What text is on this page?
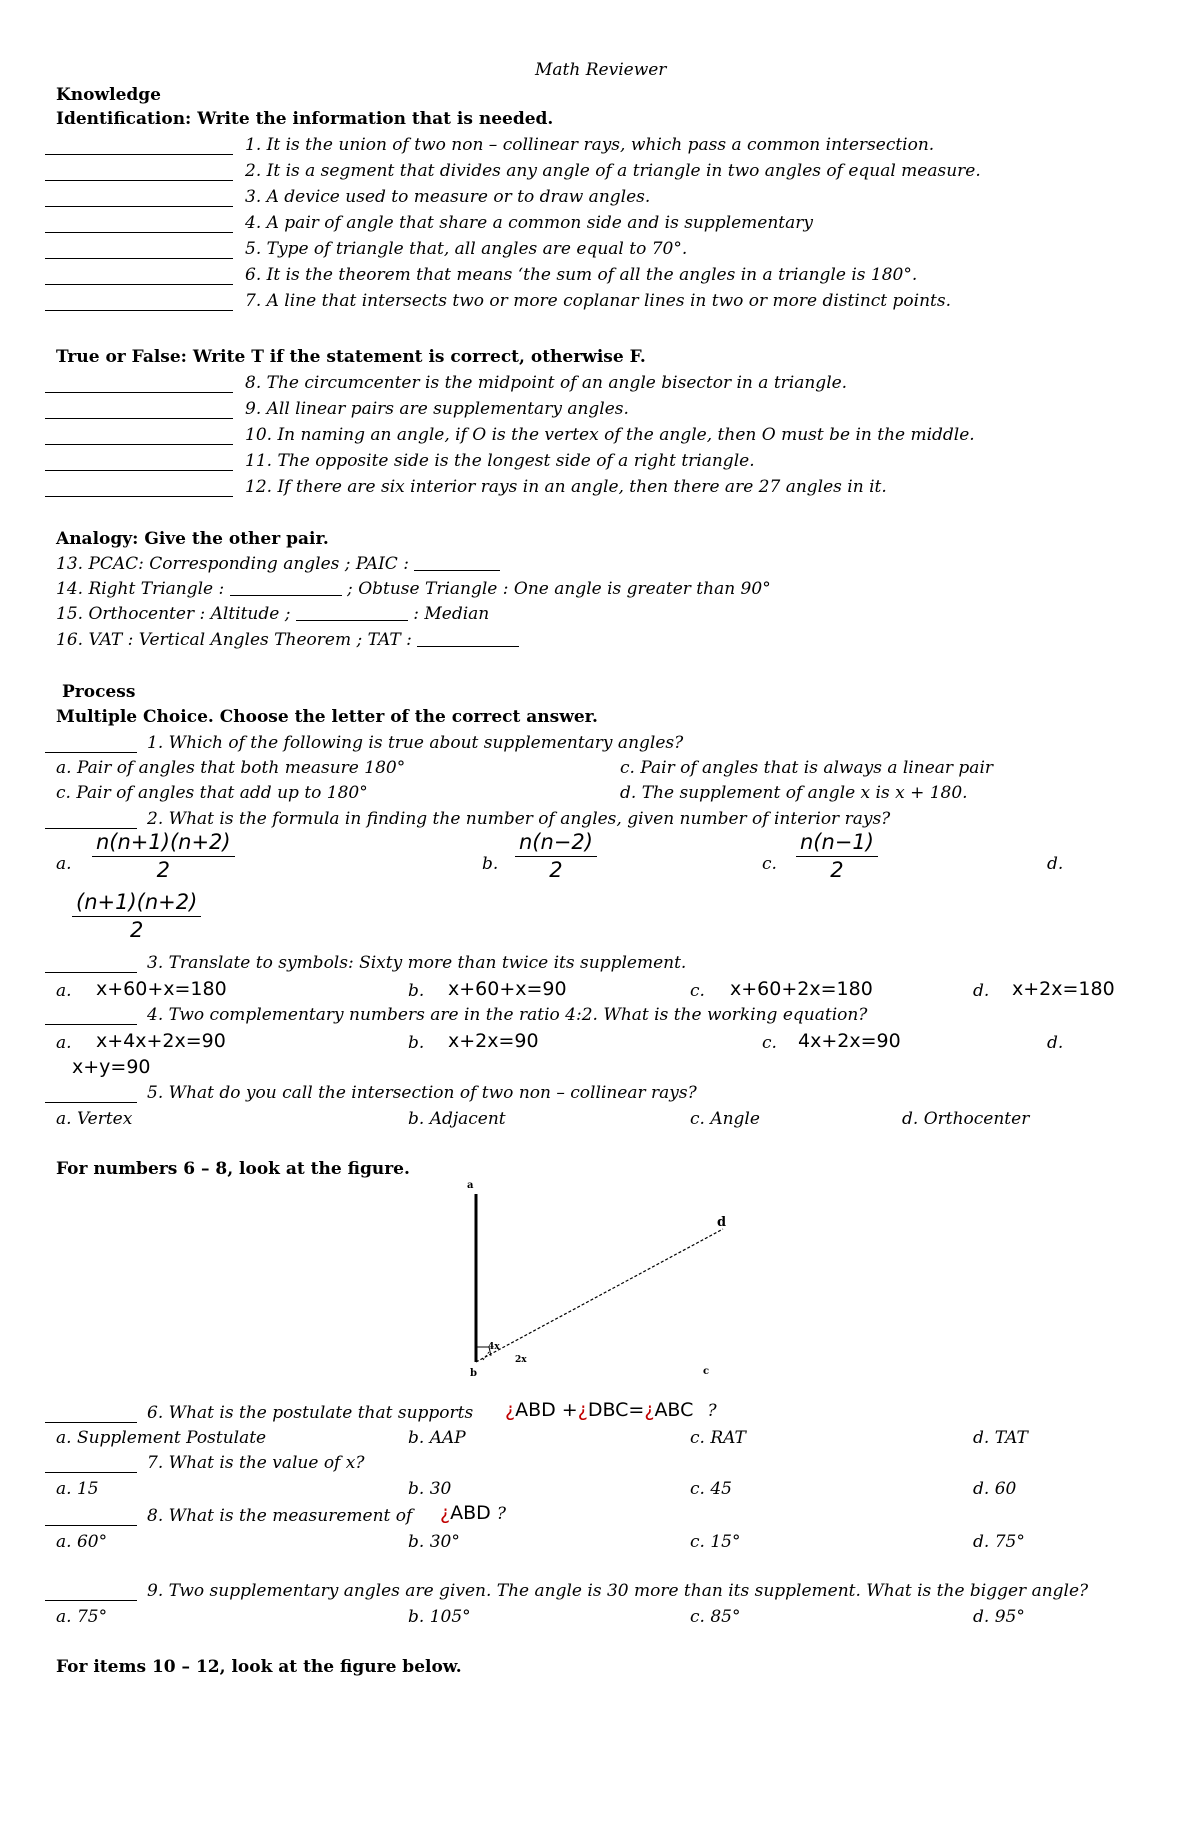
Math Reviewer
Knowledge
Identification: Write the information that is needed.
1. It is the union of two non – collinear rays, which pass a common intersection.
2. It is a segment that divides any angle of a triangle in two angles of equal measure.
3. A device used to measure or to draw angles.
4. A pair of angle that share a common side and is supplementary
5. Type of triangle that, all angles are equal to 70°.
6. It is the theorem that means ‘the sum of all the angles in a triangle is 180°.
7. A line that intersects two or more coplanar lines in two or more distinct points.
True or False: Write T if the statement is correct, otherwise F.
8. The circumcenter is the midpoint of an angle bisector in a triangle.
9. All linear pairs are supplementary angles.
10. In naming an angle, if O is the vertex of the angle, then O must be in the middle.
11. The opposite side is the longest side of a right triangle.
12. If there are six interior rays in an angle, then there are 27 angles in it.
Analogy: Give the other pair.
13. PCAC: Corresponding angles ; PAIC :
14. Right Triangle :	; Obtuse Triangle : One angle is greater than 90°
15. Orthocenter : Altitude ;	: Median
16. VAT : Vertical Angles Theorem ; TAT :
Process
Multiple Choice. Choose the letter of the correct answer.
1. Which of the following is true about supplementary angles?
a. Pair of angles that both measure 180°	c. Pair of angles that is always a linear pair
c. Pair of angles that add up to 180°	d. The supplement of angle x is x + 180.
2. What is the formula in finding the number of angles, given number of interior rays?
a. $\frac{n(n+1)(n+2)}{2}$	b. $\frac{n(n-2)}{2}$	c. $\frac{n(n-1)}{2}$	d.
$\frac{(n+1)(n+2)}{2}$
3. Translate to symbols: Sixty more than twice its supplement.
a. x+60+x=180	b. x+60+x=90	c. x+60+2x=180	d. x+2x=180
4. Two complementary numbers are in the ratio 4:2. What is the working equation?
a. x+4x+2x=90	b. x+2x=90	c. 4x+2x=90	d.
x+y=90
5. What do you call the intersection of two non – collinear rays?
a. Vertex	b. Adjacent	c. Angle	d. Orthocenter
For numbers 6 – 8, look at the figure.
a
d
4x
2x
b	c
6. What is the postulate that supports ¿ABD +¿DBC=¿ABC ?
a. Supplement Postulate	b. AAP	c. RAT	d. TAT
7. What is the value of x?
a. 15	b. 30	c. 45	d. 60
8. What is the measurement of ¿ABD ?
a. 60°	b. 30°	c. 15°	d. 75°
9. Two supplementary angles are given. The angle is 30 more than its supplement. What is the bigger angle?
a. 75°	b. 105°	c. 85°	d. 95°
For items 10 – 12, look at the figure below.
